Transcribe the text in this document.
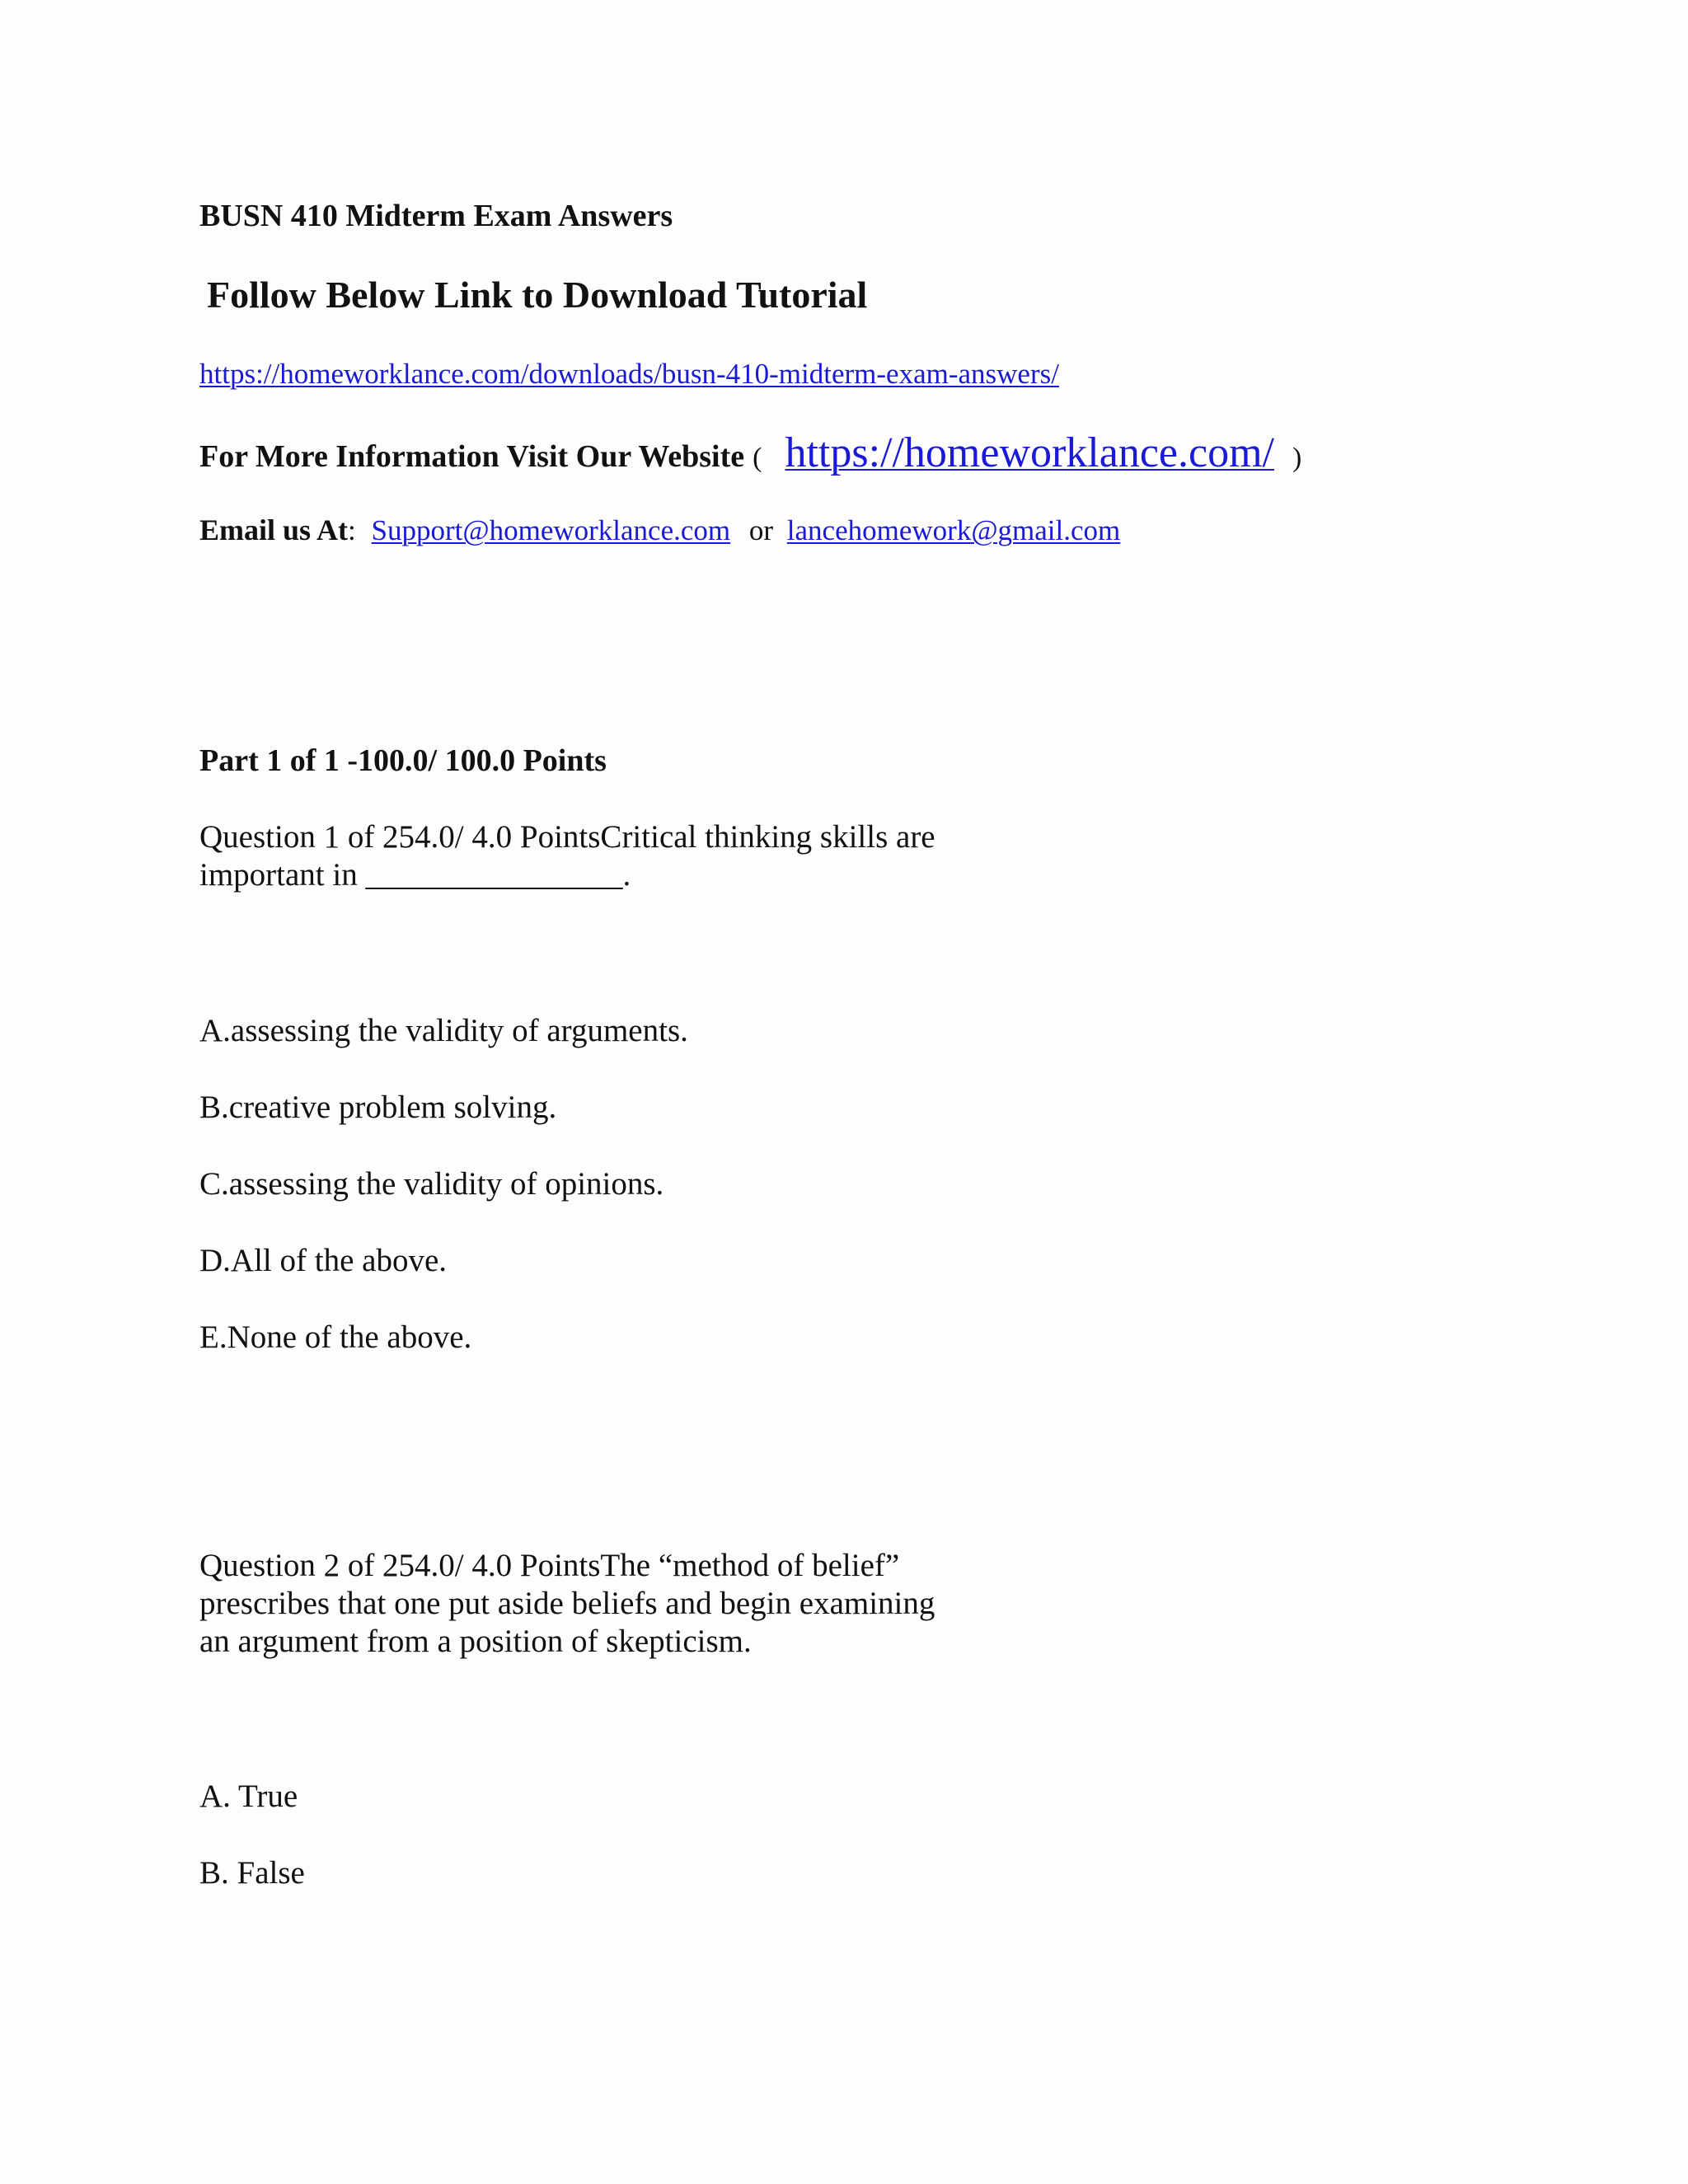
BUSN 410 Midterm Exam Answers
Follow Below Link to Download Tutorial
https://homeworklance.com/downloads/busn-410-midterm-exam-answers/
For More Information Visit Our Website ( https://homeworklance.com/ )
Email us At: Support@homeworklance.com or lancehomework@gmail.com
Part 1 of 1 -100.0/ 100.0 Points
Question 1 of 254.0/ 4.0 PointsCritical thinking skills are important in ________________.
A.assessing the validity of arguments.
B.creative problem solving.
C.assessing the validity of opinions.
D.All of the above.
E.None of the above.
Question 2 of 254.0/ 4.0 PointsThe “method of belief” prescribes that one put aside beliefs and begin examining an argument from a position of skepticism.
A. True
B. False
